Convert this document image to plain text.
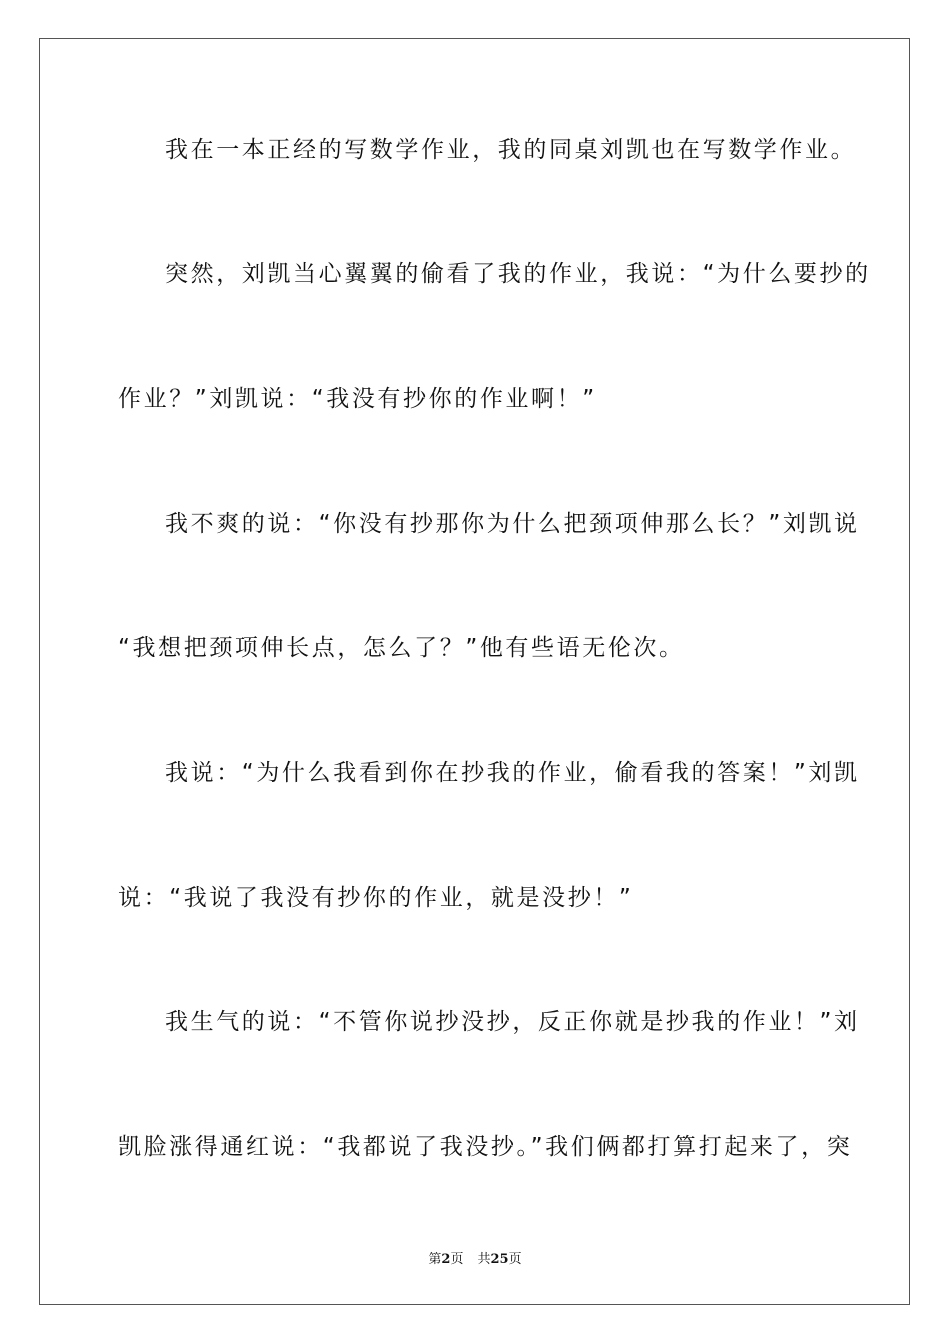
我在一本正经的写数学作业，我的同桌刘凯也在写数学作业。
突然，刘凯当心翼翼的偷看了我的作业，我说：“为什么要抄的
作业？”刘凯说：“我没有抄你的作业啊！”
我不爽的说：“你没有抄那你为什么把颈项伸那么长？”刘凯说
“我想把颈项伸长点，怎么了？”他有些语无伦次。
我说：“为什么我看到你在抄我的作业，偷看我的答案！”刘凯
说：“我说了我没有抄你的作业，就是没抄！”
我生气的说：“不管你说抄没抄，反正你就是抄我的作业！”刘
凯脸涨得通红说：“我都说了我没抄。”我们俩都打算打起来了，突
第2页 共25页
